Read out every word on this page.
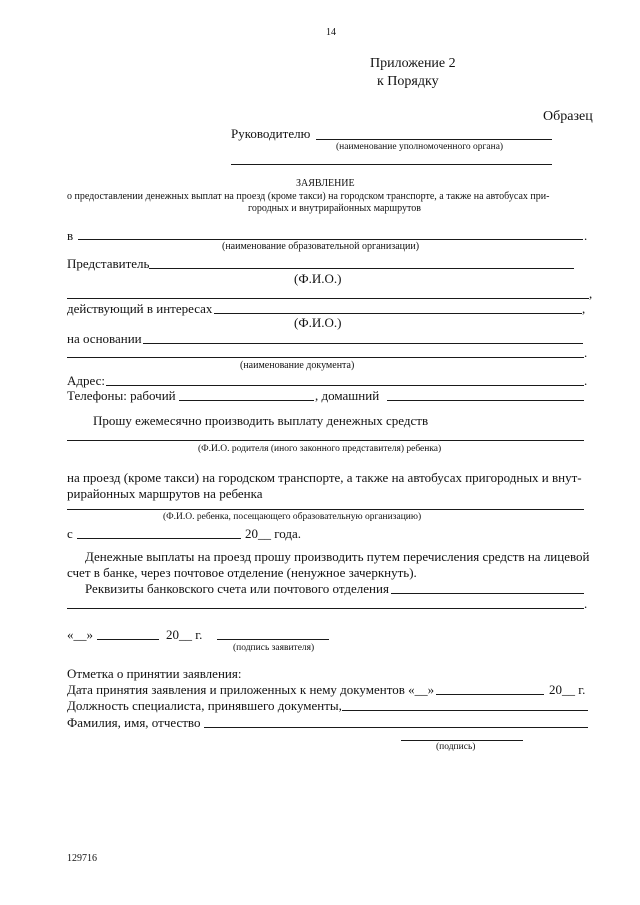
14
Приложение 2
к Порядку
Образец
Руководителю
(наименование уполномоченного органа)
ЗАЯВЛЕНИЕ
о предоставлении денежных выплат на проезд (кроме такси) на городском транспорте, а также на автобусах при-
городных и внутрирайонных маршрутов
в	.
(наименование образовательной организации)
Представитель
(Ф.И.О.)
,
действующий в интересах	,
(Ф.И.О.)
на основании
.
(наименование документа)
Адрес:	.
Телефоны: рабочий	, домашний
Прошу ежемесячно производить выплату денежных средств
(Ф.И.О. родителя (иного законного представителя) ребенка)
на проезд (кроме такси) на городском транспорте, а также на автобусах пригородных и внут-
рирайонных маршрутов на ребенка
(Ф.И.О. ребенка, посещающего образовательную организацию)
с	20__ года.
Денежные выплаты на проезд прошу производить путем перечисления средств на лицевой
счет в банке, через почтовое отделение (ненужное зачеркнуть).
Реквизиты банковского счета или почтового отделения
.
«__»	20__ г.
(подпись заявителя)
Отметка о принятии заявления:
Дата принятия заявления и приложенных к нему документов «__»	20__ г.
Должность специалиста, принявшего документы,
Фамилия, имя, отчество
(подпись)
129716
